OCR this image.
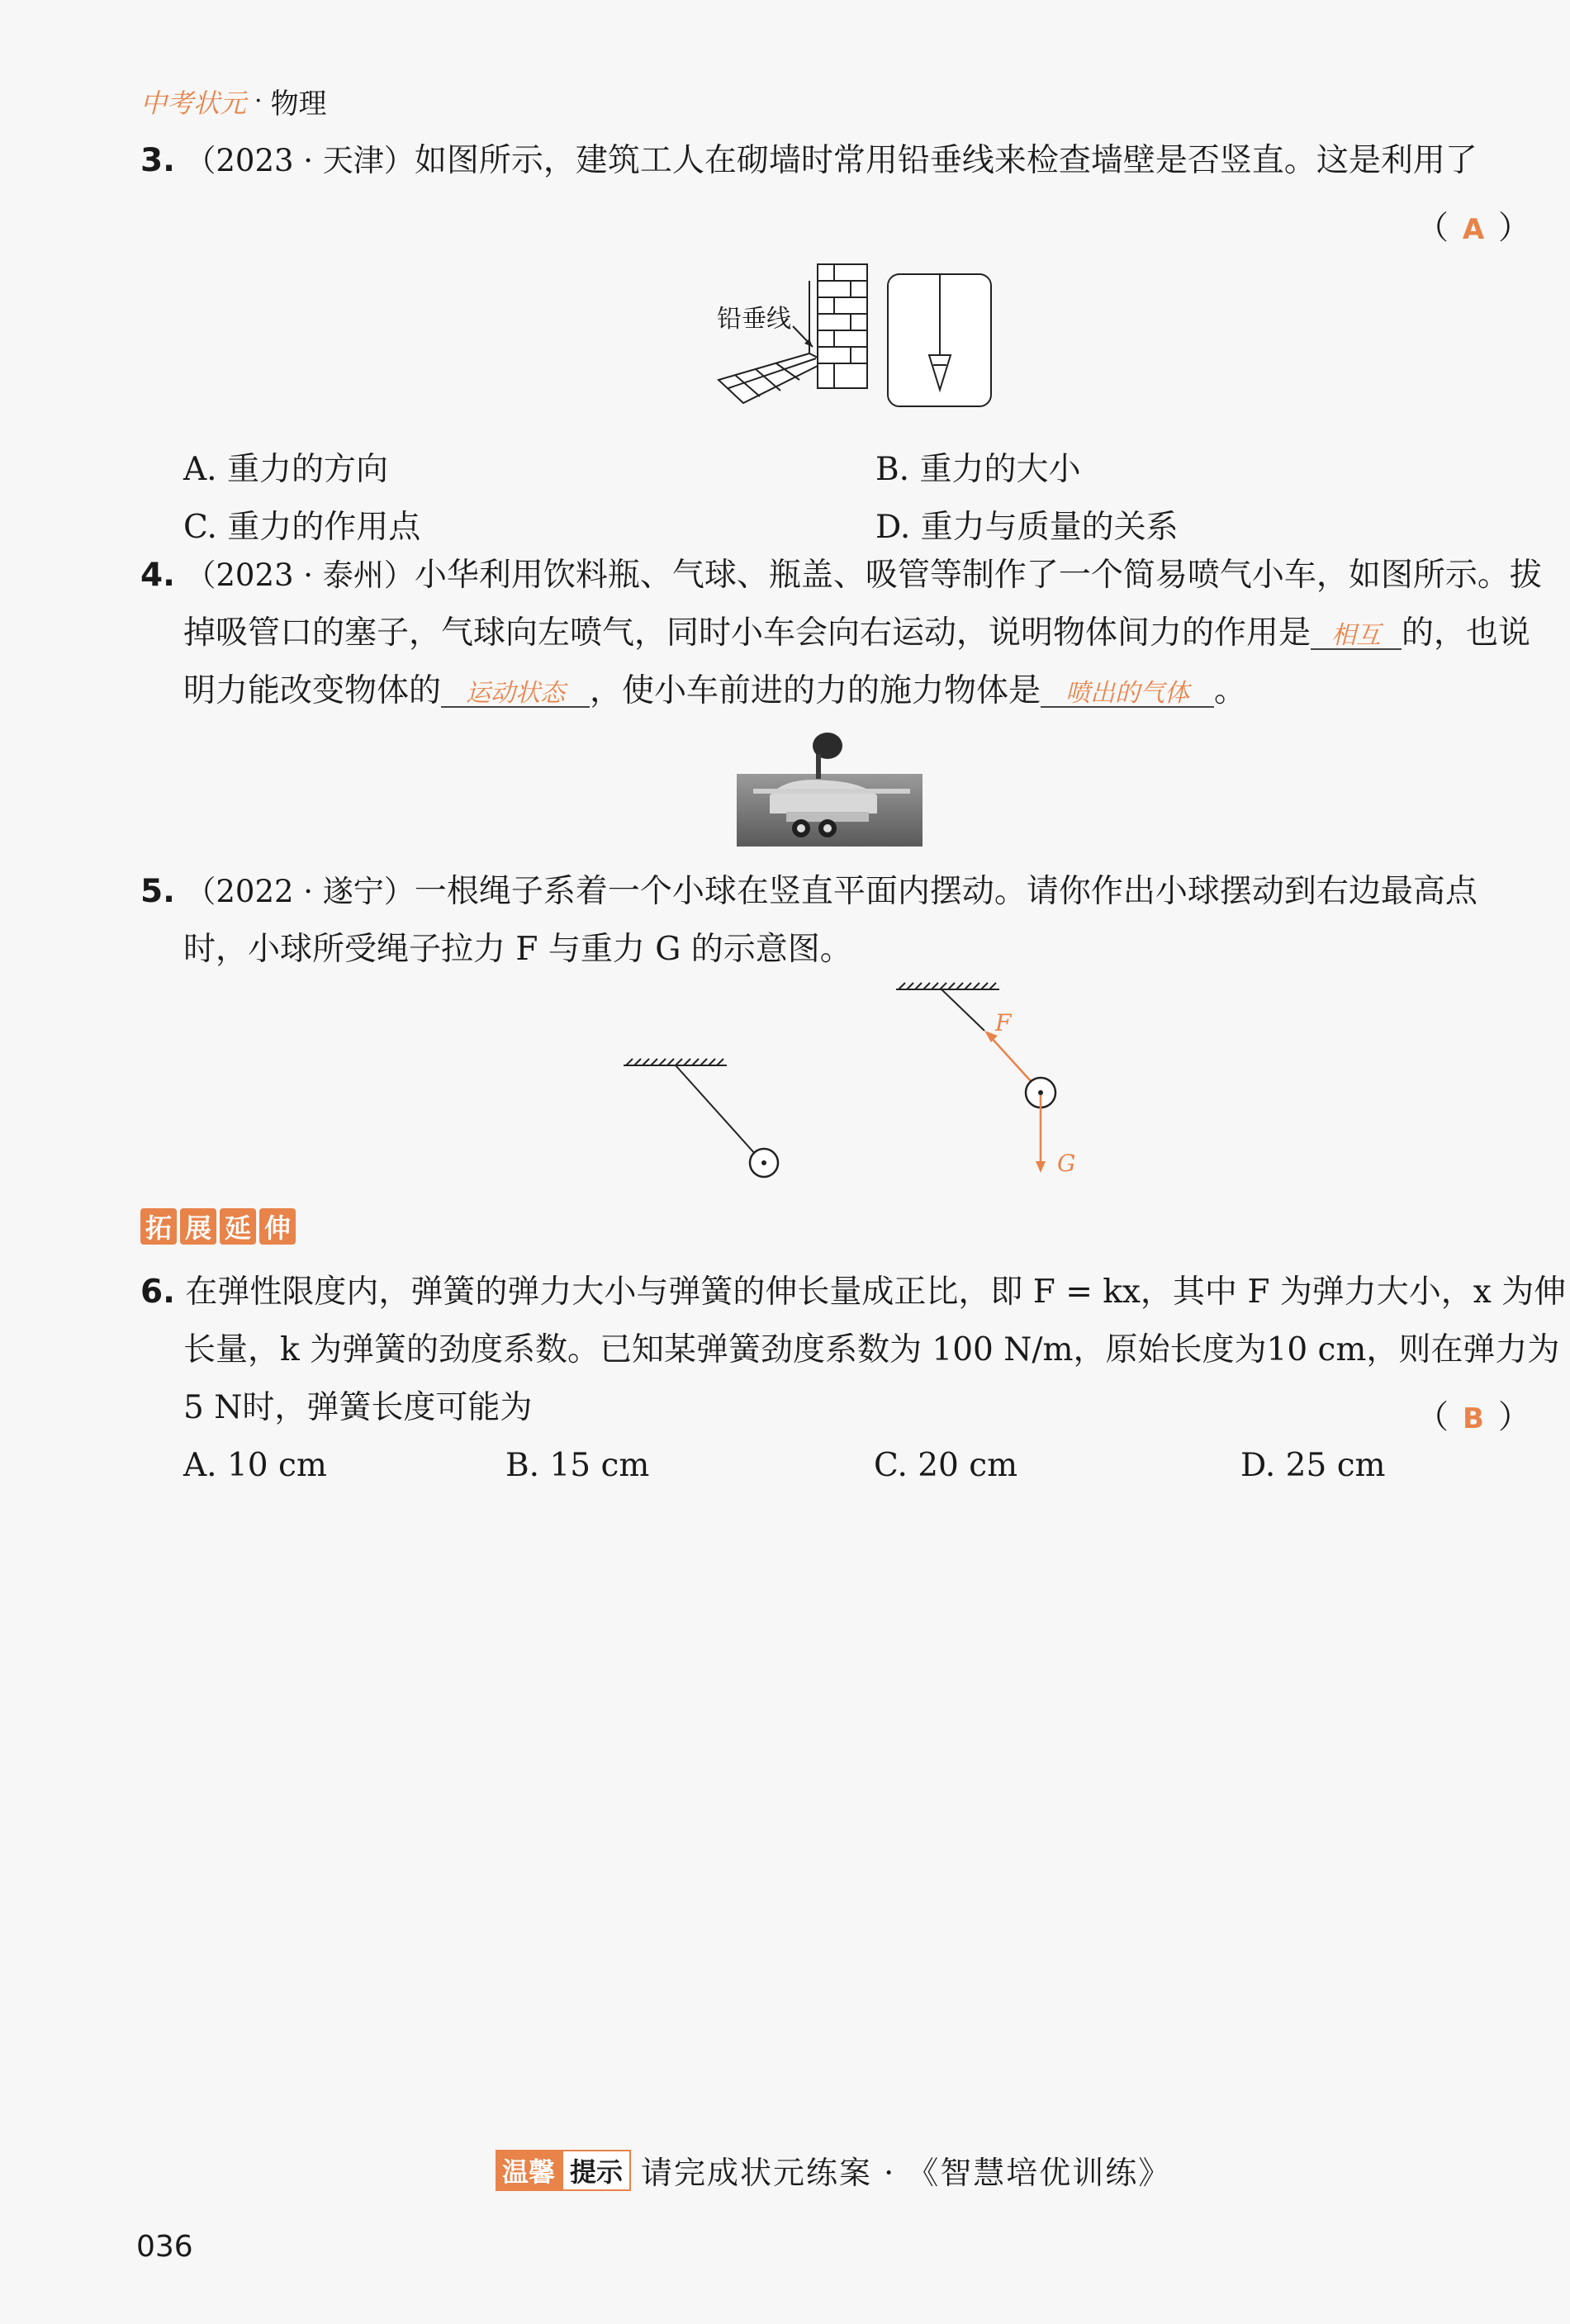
中考状元 · 物理
3. （2023 · 天津）如图所示，建筑工人在砌墙时常用铅垂线来检查墙壁是否竖直。这是利用了
（ A ）
铅垂线
A. 重力的方向	B. 重力的大小
C. 重力的作用点	D. 重力与质量的关系
4. （2023 · 泰州）小华利用饮料瓶、气球、瓶盖、吸管等制作了一个简易喷气小车，如图所示。拔
掉吸管口的塞子，气球向左喷气，同时小车会向右运动，说明物体间力的作用是 相互 的，也说
明力能改变物体的 运动状态 ，使小车前进的力的施力物体是 喷出的气体 。
5. （2022 · 遂宁）一根绳子系着一个小球在竖直平面内摆动。请你作出小球摆动到右边最高点
时，小球所受绳子拉力 F 与重力 G 的示意图。
F
G
拓 展 延 伸
6. 在弹性限度内，弹簧的弹力大小与弹簧的伸长量成正比，即 F = kx，其中 F 为弹力大小，x 为伸
长量，k 为弹簧的劲度系数。已知某弹簧劲度系数为 100 N/m，原始长度为10 cm，则在弹力为
5 N时，弹簧长度可能为	（ B ）
A. 10 cm	B. 15 cm	C. 20 cm	D. 25 cm
温馨 提示 请完成状元练案 · 《智慧培优训练》
036
